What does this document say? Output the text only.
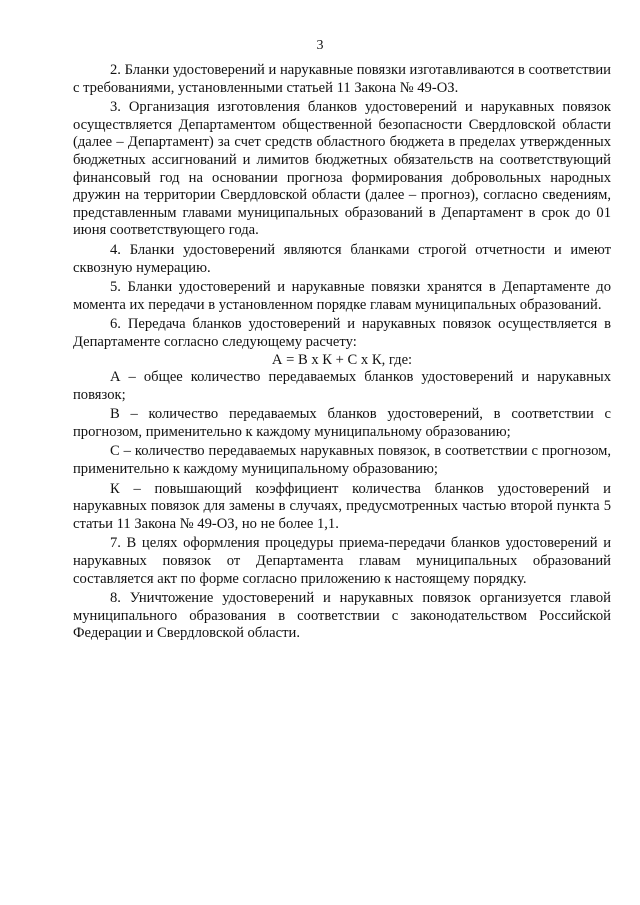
3

2. Бланки удостоверений и нарукавные повязки изготавливаются в соответствии с требованиями, установленными статьей 11 Закона № 49-ОЗ.

3. Организация изготовления бланков удостоверений и нарукавных повязок осуществляется Департаментом общественной безопасности Свердловской области (далее – Департамент) за счет средств областного бюджета в пределах утвержденных бюджетных ассигнований и лимитов бюджетных обязательств на соответствующий финансовый год на основании прогноза формирования добровольных народных дружин на территории Свердловской области (далее – прогноз), согласно сведениям, представленным главами муниципальных образований в Департамент в срок до 01 июня соответствующего года.

4. Бланки удостоверений являются бланками строгой отчетности и имеют сквозную нумерацию.

5. Бланки удостоверений и нарукавные повязки хранятся в Департаменте до момента их передачи в установленном порядке главам муниципальных образований.

6. Передача бланков удостоверений и нарукавных повязок осуществляется в Департаменте согласно следующему расчету:

А = В х К + С х К, где:

А – общее количество передаваемых бланков удостоверений и нарукавных повязок;

В – количество передаваемых бланков удостоверений, в соответствии с прогнозом, применительно к каждому муниципальному образованию;

С – количество передаваемых нарукавных повязок, в соответствии с прогнозом, применительно к каждому муниципальному образованию;

К – повышающий коэффициент количества бланков удостоверений и нарукавных повязок для замены в случаях, предусмотренных частью второй пункта 5 статьи 11 Закона № 49-ОЗ, но не более 1,1.

7. В целях оформления процедуры приема-передачи бланков удостоверений и нарукавных повязок от Департамента главам муниципальных образований составляется акт по форме согласно приложению к настоящему порядку.

8. Уничтожение удостоверений и нарукавных повязок организуется главой муниципального образования в соответствии с законодательством Российской Федерации и Свердловской области.
